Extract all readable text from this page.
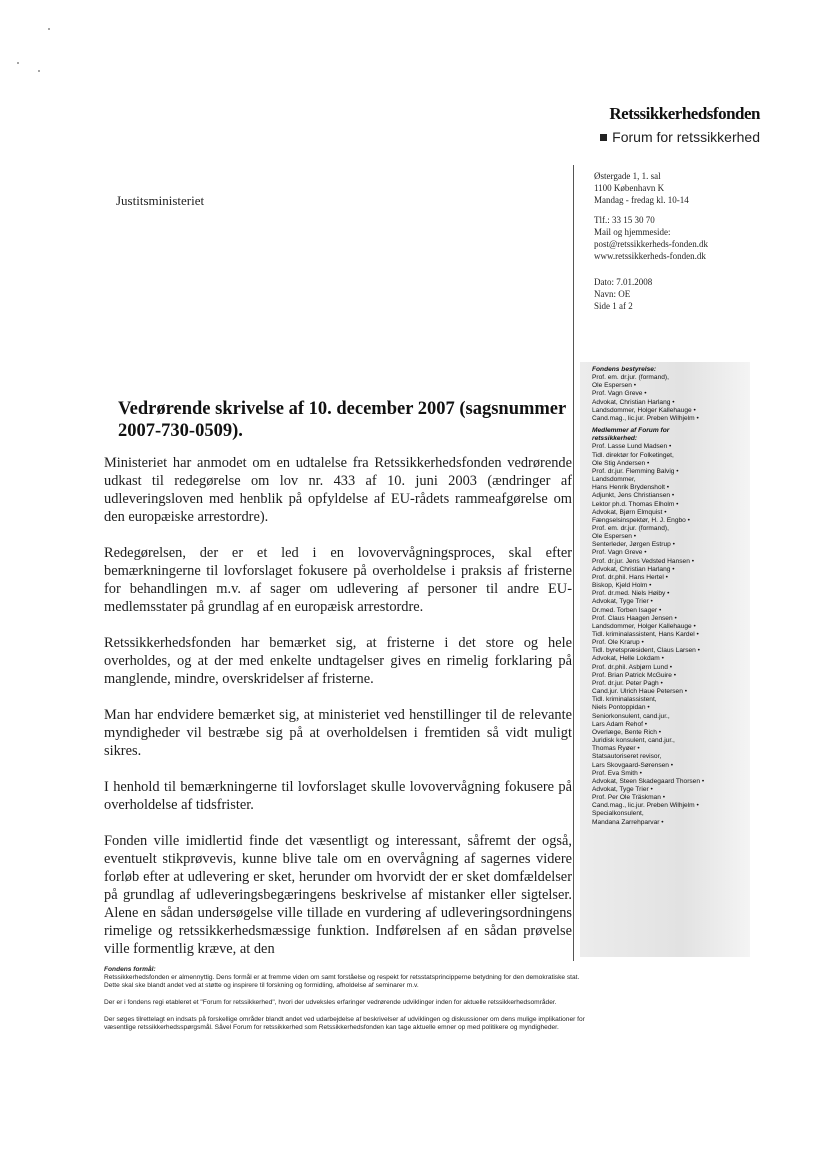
Retssikkerhedsfonden
Forum for retssikkerhed
Justitsministeriet
Østergade 1, 1. sal
1100 København K
Mandag - fredag kl. 10-14
Tlf.: 33 15 30 70
Mail og hjemmeside:
post@retssikkerheds-fonden.dk
www.retssikkerheds-fonden.dk
Dato: 7.01.2008
Navn: OE
Side 1 af 2
Vedrørende skrivelse af 10. december 2007 (sagsnummer 2007-730-0509).

Ministeriet har anmodet om en udtalelse fra Retssikkerhedsfonden vedrørende udkast til redegørelse om lov nr. 433 af 10. juni 2003 (ændringer af udleveringsloven med henblik på opfyldelse af EU-rådets rammeafgørelse om den europæiske arrestordre).

Redegørelsen, der er et led i en lovovervågningsproces, skal efter bemærkningerne til lovforslaget fokusere på overholdelse i praksis af fristerne for behandlingen m.v. af sager om udlevering af personer til andre EU-medlemsstater på grundlag af en europæisk arrestordre.

Retssikkerhedsfonden har bemærket sig, at fristerne i det store og hele overholdes, og at der med enkelte undtagelser gives en rimelig forklaring på manglende, mindre, overskridelser af fristerne.

Man har endvidere bemærket sig, at ministeriet ved henstillinger til de relevante myndigheder vil bestræbe sig på at overholdelsen i fremtiden så vidt muligt sikres.

I henhold til bemærkningerne til lovforslaget skulle lovovervågning fokusere på overholdelse af tidsfrister.

Fonden ville imidlertid finde det væsentligt og interessant, såfremt der også, eventuelt stikprøvevis, kunne blive tale om en overvågning af sagernes videre forløb efter at udlevering er sket, herunder om hvorvidt der er sket domfældelser på grundlag af udleveringsbegæringens beskrivelse af mistanker eller sigtelser. Alene en sådan undersøgelse ville tillade en vurdering af udleveringsordningens rimelige og retssikkerhedsmæssige funktion. Indførelsen af en sådan prøvelse ville formentlig kræve, at den

Fondens bestyrelse:
Prof. em. dr.jur. (formand),
Ole Espersen •
Prof. Vagn Greve •
Advokat, Christian Harlang •
Landsdommer, Holger Kallehauge •
Cand.mag., lic.jur. Preben Wilhjelm •
Medlemmer af Forum for retssikkerhed:
Prof. Lasse Lund Madsen •
Tidl. direktør for Folketinget,
Ole Stig Andersen •
Prof. dr.jur. Flemming Balvig •
Landsdommer,
Hans Henrik Brydensholt •
Adjunkt, Jens Christiansen •
Lektor ph.d. Thomas Elholm •
Advokat, Bjørn Elmquist •
Fængselsinspektør, H. J. Engbo •
Prof. em. dr.jur. (formand),
Ole Espersen •
Senterleder, Jørgen Estrup •
Prof. Vagn Greve •
Prof. dr.jur. Jens Vedsted Hansen •
Advokat, Christian Harlang •
Prof. dr.phil. Hans Hertel •
Biskop, Kjeld Holm •
Prof. dr.med. Niels Høiby •
Advokat, Tyge Trier •
Dr.med. Torben Isager •
Prof. Claus Haagen Jensen •
Landsdommer, Holger Kallehauge •
Tidl. kriminalassistent, Hans Kardel •
Prof. Ole Krarup •
Tidl. byretspræsident, Claus Larsen •
Advokat, Helle Lokdam •
Prof. dr.phil. Asbjørn Lund •
Prof. Brian Patrick McGuire •
Prof. dr.jur. Peter Pagh •
Cand.jur. Ulrich Haue Petersen •
Tidl. kriminalassistent,
Niels Pontoppidan •
Seniorkonsulent, cand.jur.,
Lars Adam Rehof •
Overlæge, Bente Rich •
Juridisk konsulent, cand.jur.,
Thomas Ryøer •
Statsautoriseret revisor,
Lars Skovgaard-Sørensen •
Prof. Eva Smith •
Advokat, Steen Skadegaard Thorsen •
Advokat, Tyge Trier •
Prof. Per Ole Träskman •
Cand.mag., lic.jur. Preben Wilhjelm •
Specialkonsulent,
Mandana Zarrehparvar •
Fondens formål:

Retssikkerhedsfonden er almennyttig. Dens formål er at fremme viden om samt forståelse og respekt for retsstatsprincipperne betydning for den demokratiske stat.

Dette skal ske blandt andet ved at støtte og inspirere til forskning og formidling, afholdelse af seminarer m.v.

Der er i fondens regi etableret et "Forum for retssikkerhed", hvori der udveksles erfaringer vedrørende udviklinger inden for aktuelle retssikkerhedsområder.

Der søges tilrettelagt en indsats på forskellige områder blandt andet ved udarbejdelse af beskrivelser af udviklingen og diskussioner om dens mulige implikationer for

væsentlige retssikkerhedsspørgsmål. Såvel Forum for retssikkerhed som Retssikkerhedsfonden kan tage aktuelle emner op med politikere og myndigheder.
